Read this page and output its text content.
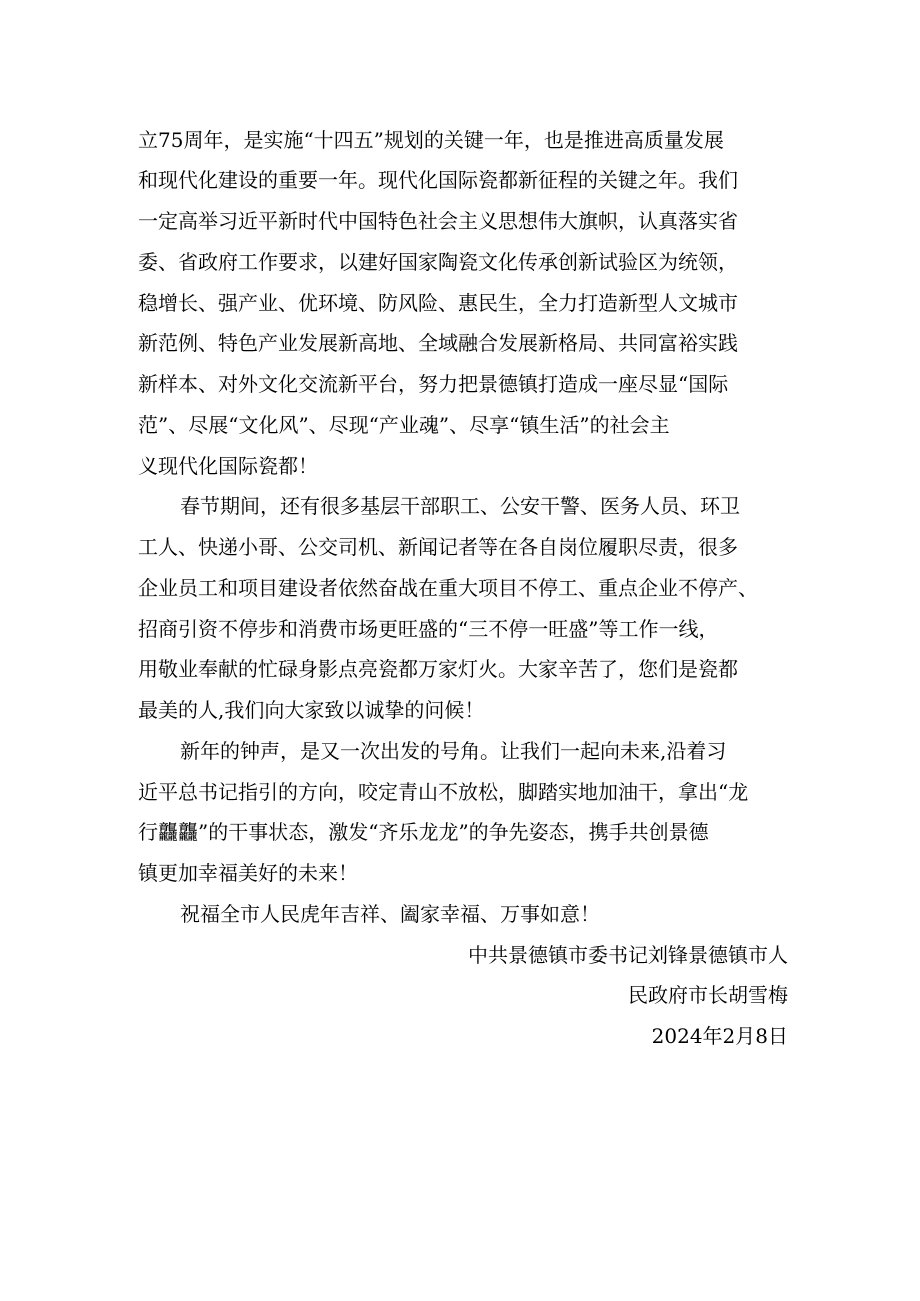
立75周年，是实施“十四五”规划的关键一年，也是推进高质量发展
和现代化建设的重要一年。现代化国际瓷都新征程的关键之年。我们
一定高举习近平新时代中国特色社会主义思想伟大旗帜，认真落实省
委、省政府工作要求，以建好国家陶瓷文化传承创新试验区为统领，
稳增长、强产业、优环境、防风险、惠民生，全力打造新型人文城市
新范例、特色产业发展新高地、全域融合发展新格局、共同富裕实践
新样本、对外文化交流新平台，努力把景德镇打造成一座尽显“国际
范”、尽展“文化风”、尽现“产业魂”、尽享“镇生活”的社会主
义现代化国际瓷都！
春节期间，还有很多基层干部职工、公安干警、医务人员、环卫
工人、快递小哥、公交司机、新闻记者等在各自岗位履职尽责，很多
企业员工和项目建设者依然奋战在重大项目不停工、重点企业不停产、
招商引资不停步和消费市场更旺盛的“三不停一旺盛”等工作一线，
用敬业奉献的忙碌身影点亮瓷都万家灯火。大家辛苦了，您们是瓷都
最美的人,我们向大家致以诚挚的问候！
新年的钟声，是又一次出发的号角。让我们一起向未来,沿着习
近平总书记指引的方向，咬定青山不放松，脚踏实地加油干，拿出“龙
行龘龘”的干事状态，激发“齐乐龙龙”的争先姿态，携手共创景德
镇更加幸福美好的未来！
祝福全市人民虎年吉祥、阖家幸福、万事如意！
中共景德镇市委书记刘锋景德镇市人
民政府市长胡雪梅
2024年2月8日
